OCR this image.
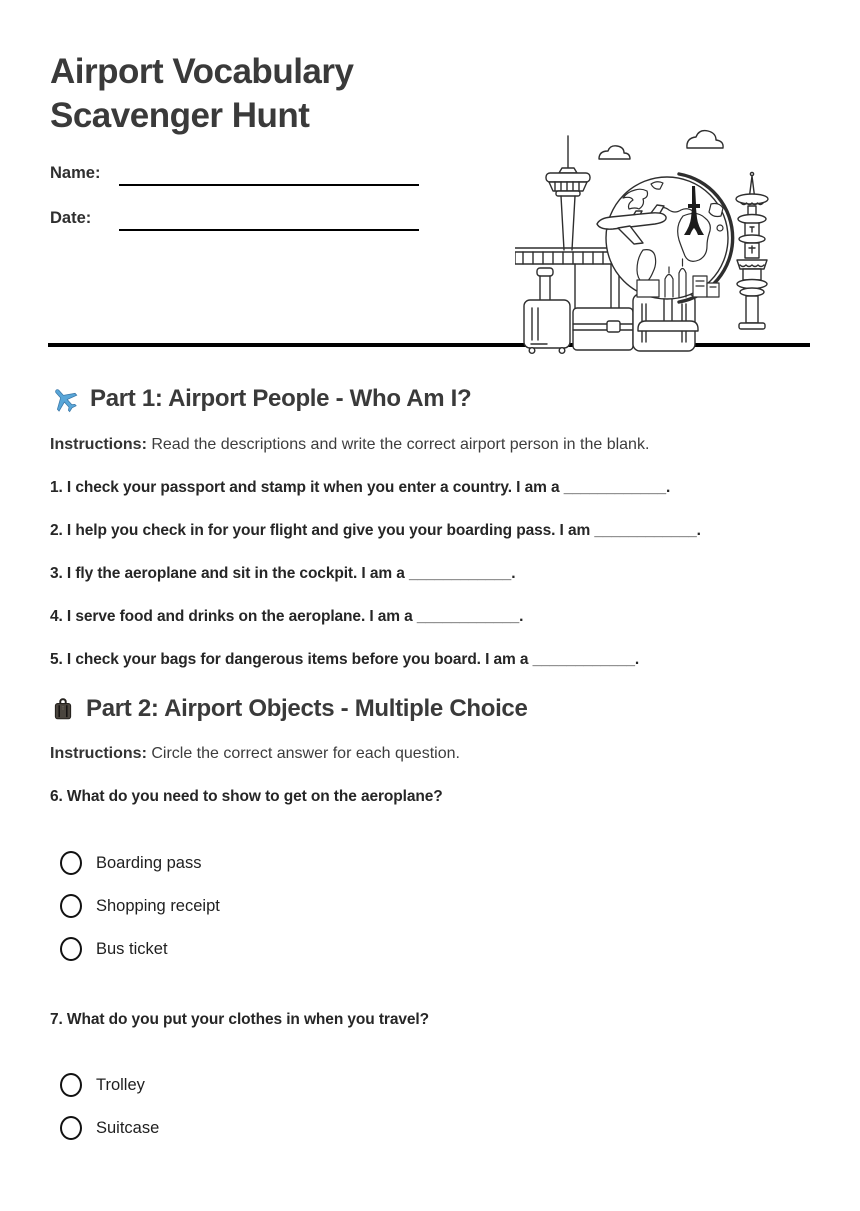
Airport Vocabulary
Scavenger Hunt
Name:
Date:
Part 1: Airport People - Who Am I?

Instructions: Read the descriptions and write the correct airport person in the blank.

1. I check your passport and stamp it when you enter a country. I am a ____________.

2. I help you check in for your flight and give you your boarding pass. I am ____________.

3. I fly the aeroplane and sit in the cockpit. I am a ____________.

4. I serve food and drinks on the aeroplane. I am a ____________.

5. I check your bags for dangerous items before you board. I am a ____________.

Part 2: Airport Objects - Multiple Choice

Instructions: Circle the correct answer for each question.

6. What do you need to show to get on the aeroplane?

Boarding pass
Shopping receipt
Bus ticket

7. What do you put your clothes in when you travel?

Trolley
Suitcase
